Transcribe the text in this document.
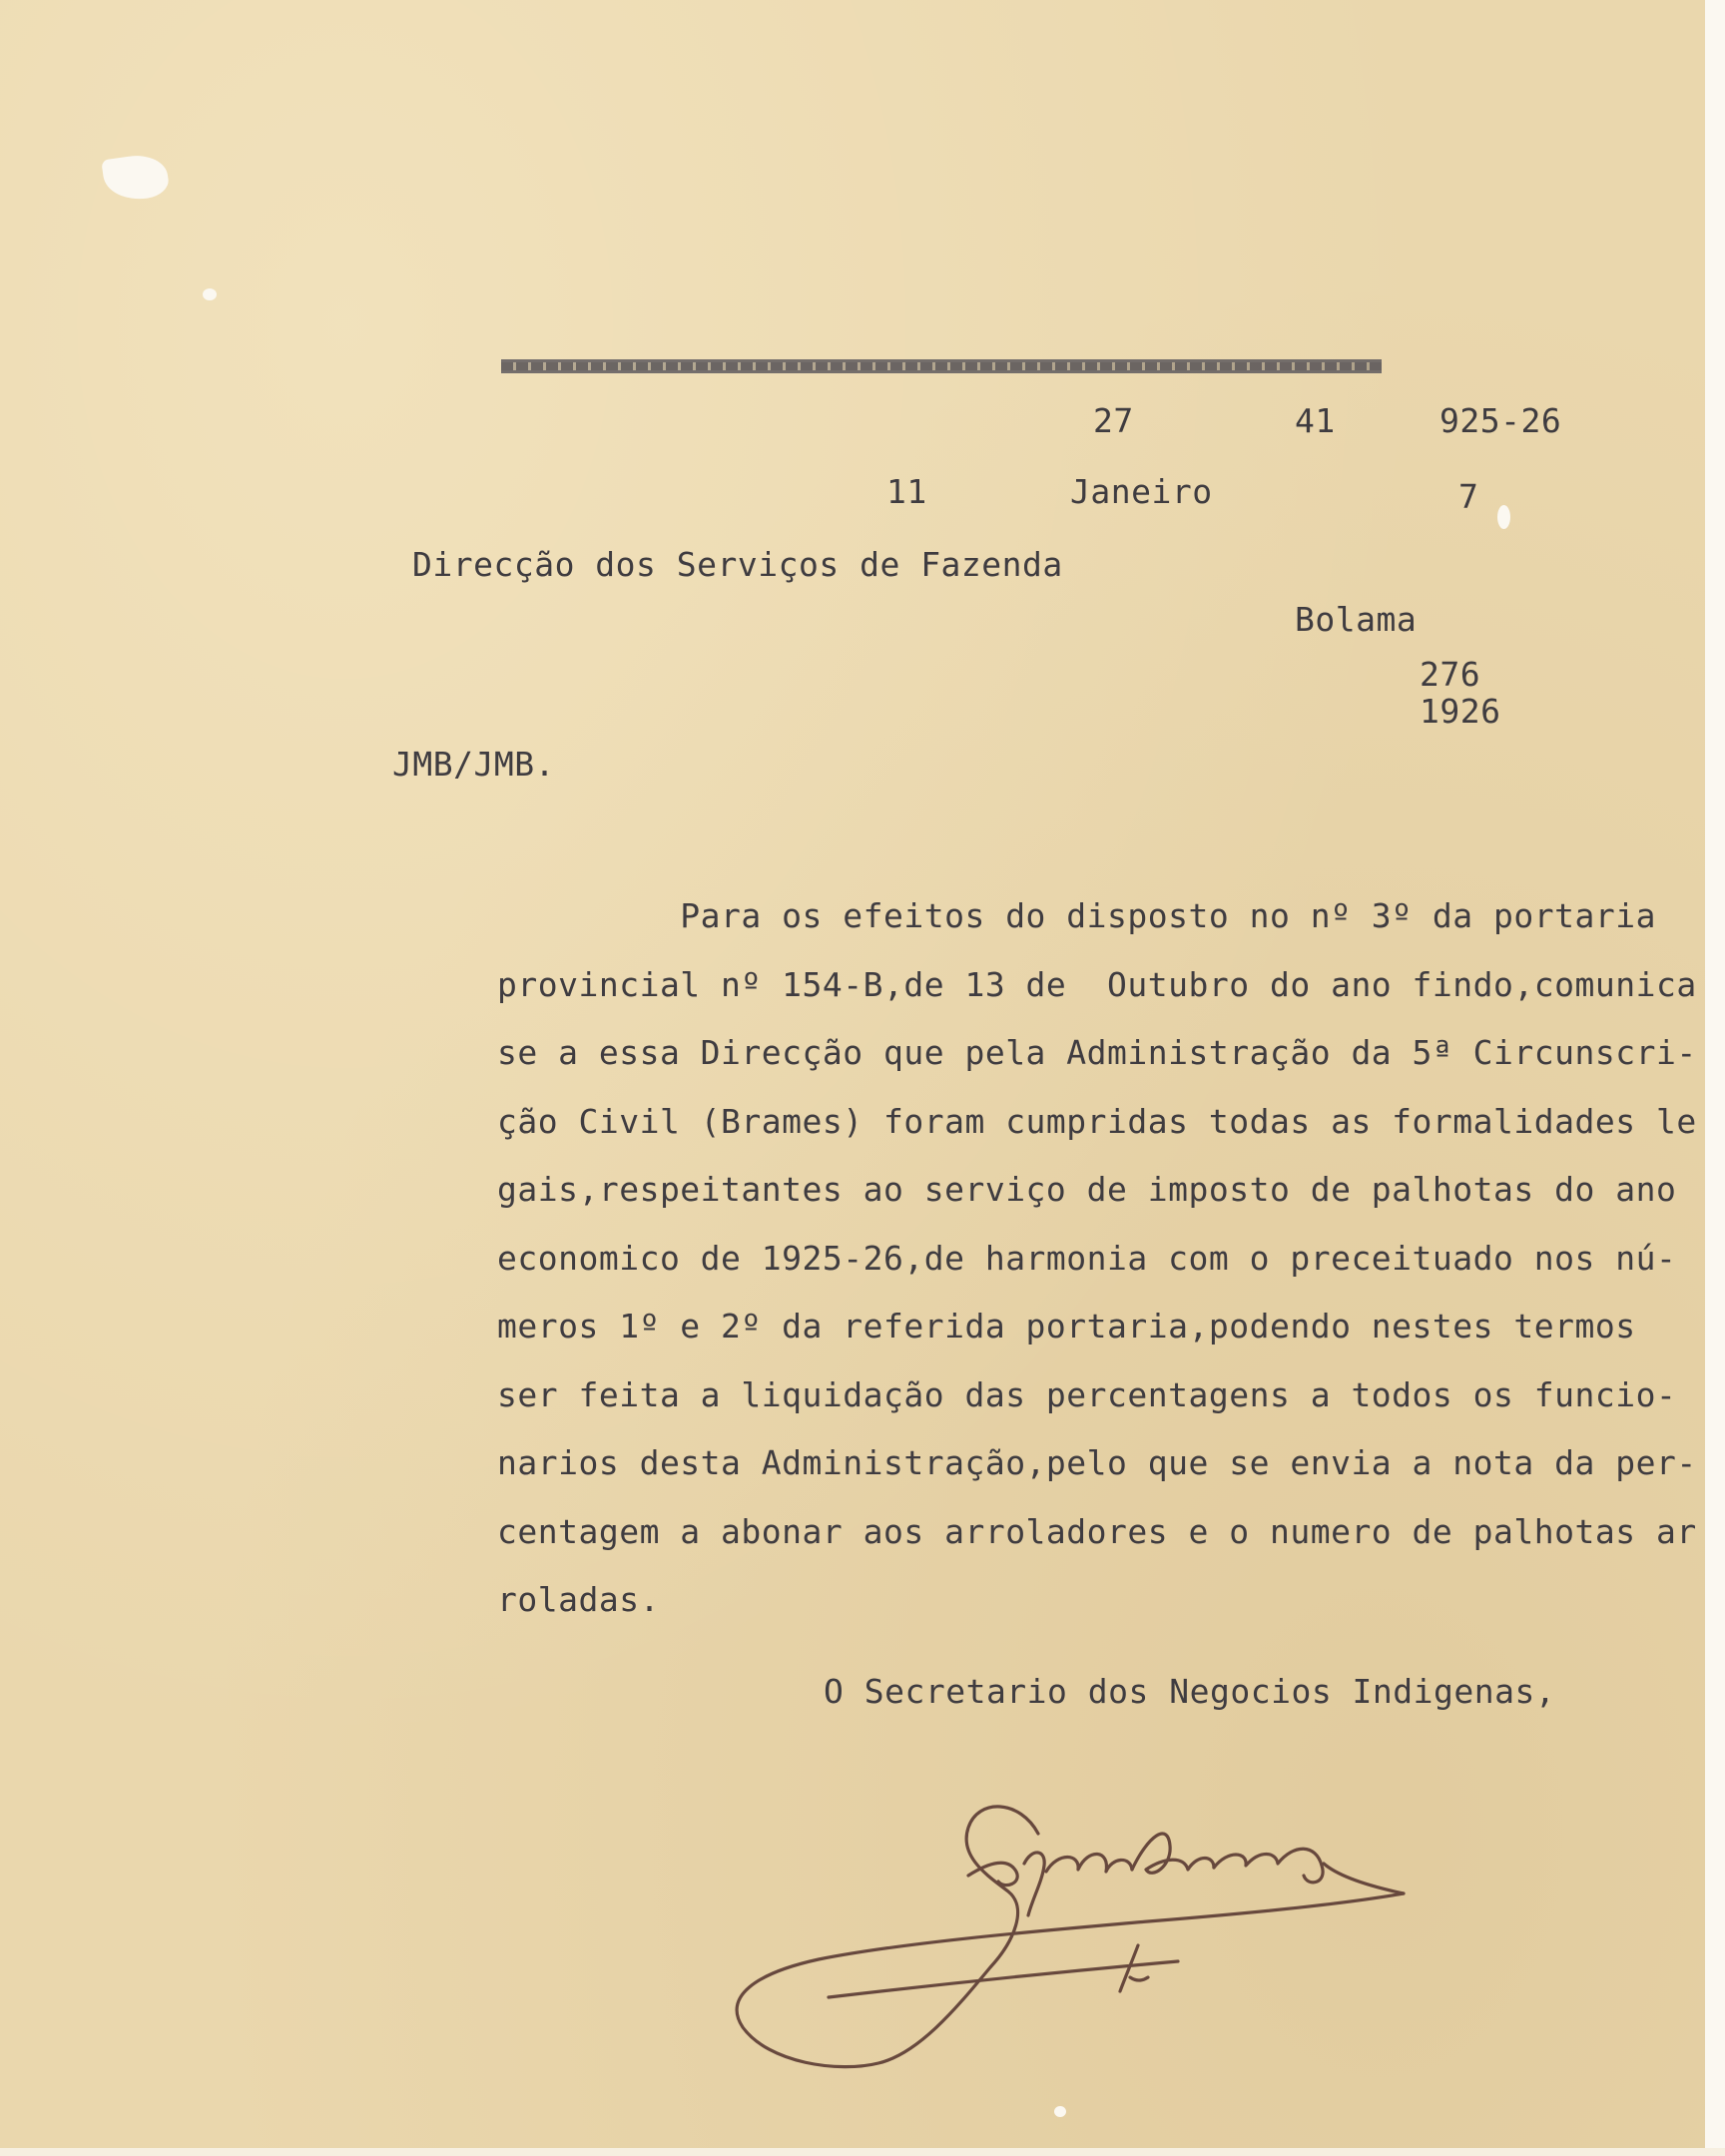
27	41	925-26
11	Janeiro	7
Direcção dos Serviços de Fazenda
Bolama
276
1926
JMB/JMB.
Para os efeitos do disposto no nº 3º da portaria
provincial nº 154-B,de 13 de  Outubro do ano findo,comunica
se a essa Direcção que pela Administração da 5ª Circunscri-
ção Civil (Brames) foram cumpridas todas as formalidades le
gais,respeitantes ao serviço de imposto de palhotas do ano
economico de 1925-26,de harmonia com o preceituado nos nú-
meros 1º e 2º da referida portaria,podendo nestes termos
ser feita a liquidação das percentagens a todos os funcio-
narios desta Administração,pelo que se envia a nota da per-
centagem a abonar aos arroladores e o numero de palhotas ar
roladas.
O Secretario dos Negocios Indigenas,
